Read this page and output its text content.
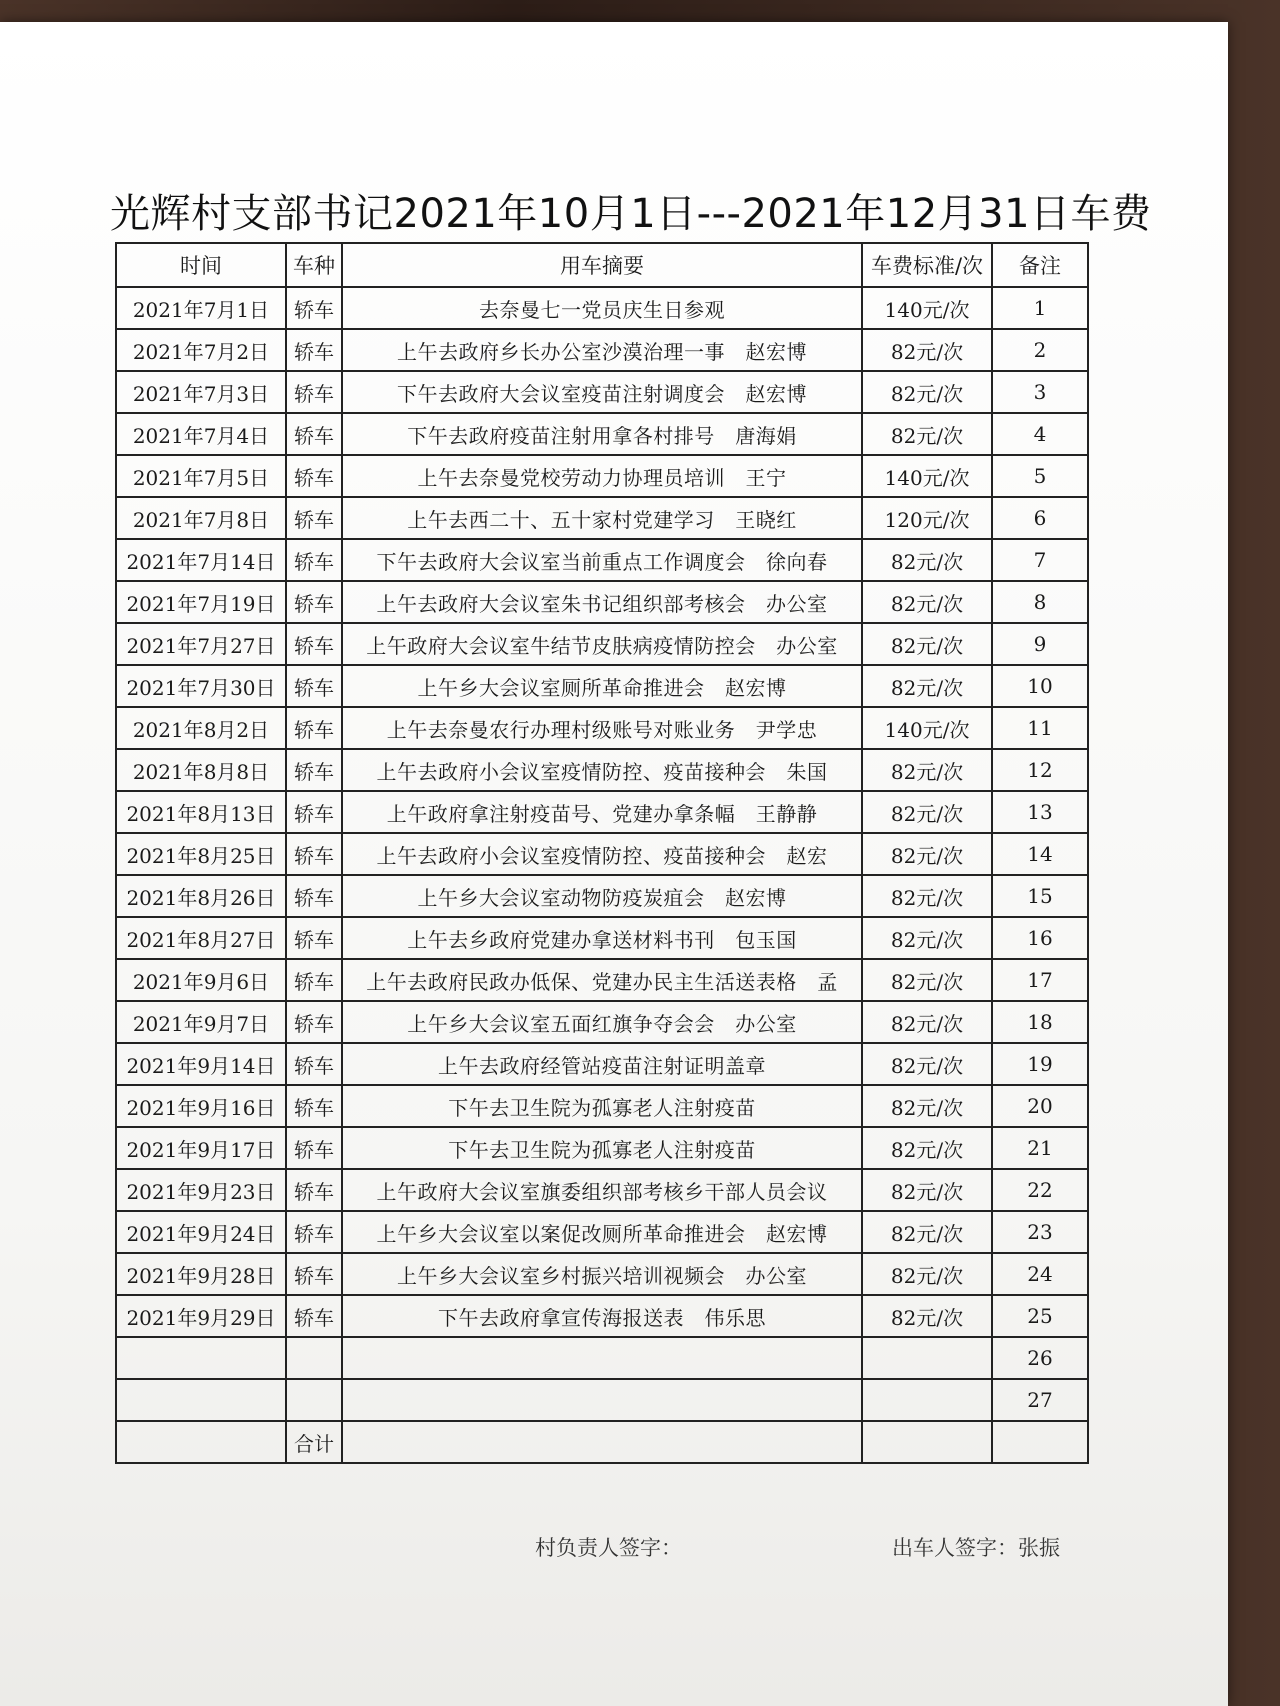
光辉村支部书记2021年10月1日---2021年12月31日车费
时间	车种	用车摘要	车费标准/次	备注
2021年7月1日	轿车	去奈曼七一党员庆生日参观	140元/次	1
2021年7月2日	轿车	上午去政府乡长办公室沙漠治理一事　赵宏博	82元/次	2
2021年7月3日	轿车	下午去政府大会议室疫苗注射调度会　赵宏博	82元/次	3
2021年7月4日	轿车	下午去政府疫苗注射用拿各村排号　唐海娟	82元/次	4
2021年7月5日	轿车	上午去奈曼党校劳动力协理员培训　王宁	140元/次	5
2021年7月8日	轿车	上午去西二十、五十家村党建学习　王晓红	120元/次	6
2021年7月14日	轿车	下午去政府大会议室当前重点工作调度会　徐向春	82元/次	7
2021年7月19日	轿车	上午去政府大会议室朱书记组织部考核会　办公室	82元/次	8
2021年7月27日	轿车	上午政府大会议室牛结节皮肤病疫情防控会　办公室	82元/次	9
2021年7月30日	轿车	上午乡大会议室厕所革命推进会　赵宏博	82元/次	10
2021年8月2日	轿车	上午去奈曼农行办理村级账号对账业务　尹学忠	140元/次	11
2021年8月8日	轿车	上午去政府小会议室疫情防控、疫苗接种会　朱国	82元/次	12
2021年8月13日	轿车	上午政府拿注射疫苗号、党建办拿条幅　王静静	82元/次	13
2021年8月25日	轿车	上午去政府小会议室疫情防控、疫苗接种会　赵宏	82元/次	14
2021年8月26日	轿车	上午乡大会议室动物防疫炭疽会　赵宏博	82元/次	15
2021年8月27日	轿车	上午去乡政府党建办拿送材料书刊　包玉国	82元/次	16
2021年9月6日	轿车	上午去政府民政办低保、党建办民主生活送表格　孟	82元/次	17
2021年9月7日	轿车	上午乡大会议室五面红旗争夺会会　办公室	82元/次	18
2021年9月14日	轿车	上午去政府经管站疫苗注射证明盖章	82元/次	19
2021年9月16日	轿车	下午去卫生院为孤寡老人注射疫苗	82元/次	20
2021年9月17日	轿车	下午去卫生院为孤寡老人注射疫苗	82元/次	21
2021年9月23日	轿车	上午政府大会议室旗委组织部考核乡干部人员会议	82元/次	22
2021年9月24日	轿车	上午乡大会议室以案促改厕所革命推进会　赵宏博	82元/次	23
2021年9月28日	轿车	上午乡大会议室乡村振兴培训视频会　办公室	82元/次	24
2021年9月29日	轿车	下午去政府拿宣传海报送表　伟乐思	82元/次	25
				26
				27
	合计			
村负责人签字：	出车人签字：张振
